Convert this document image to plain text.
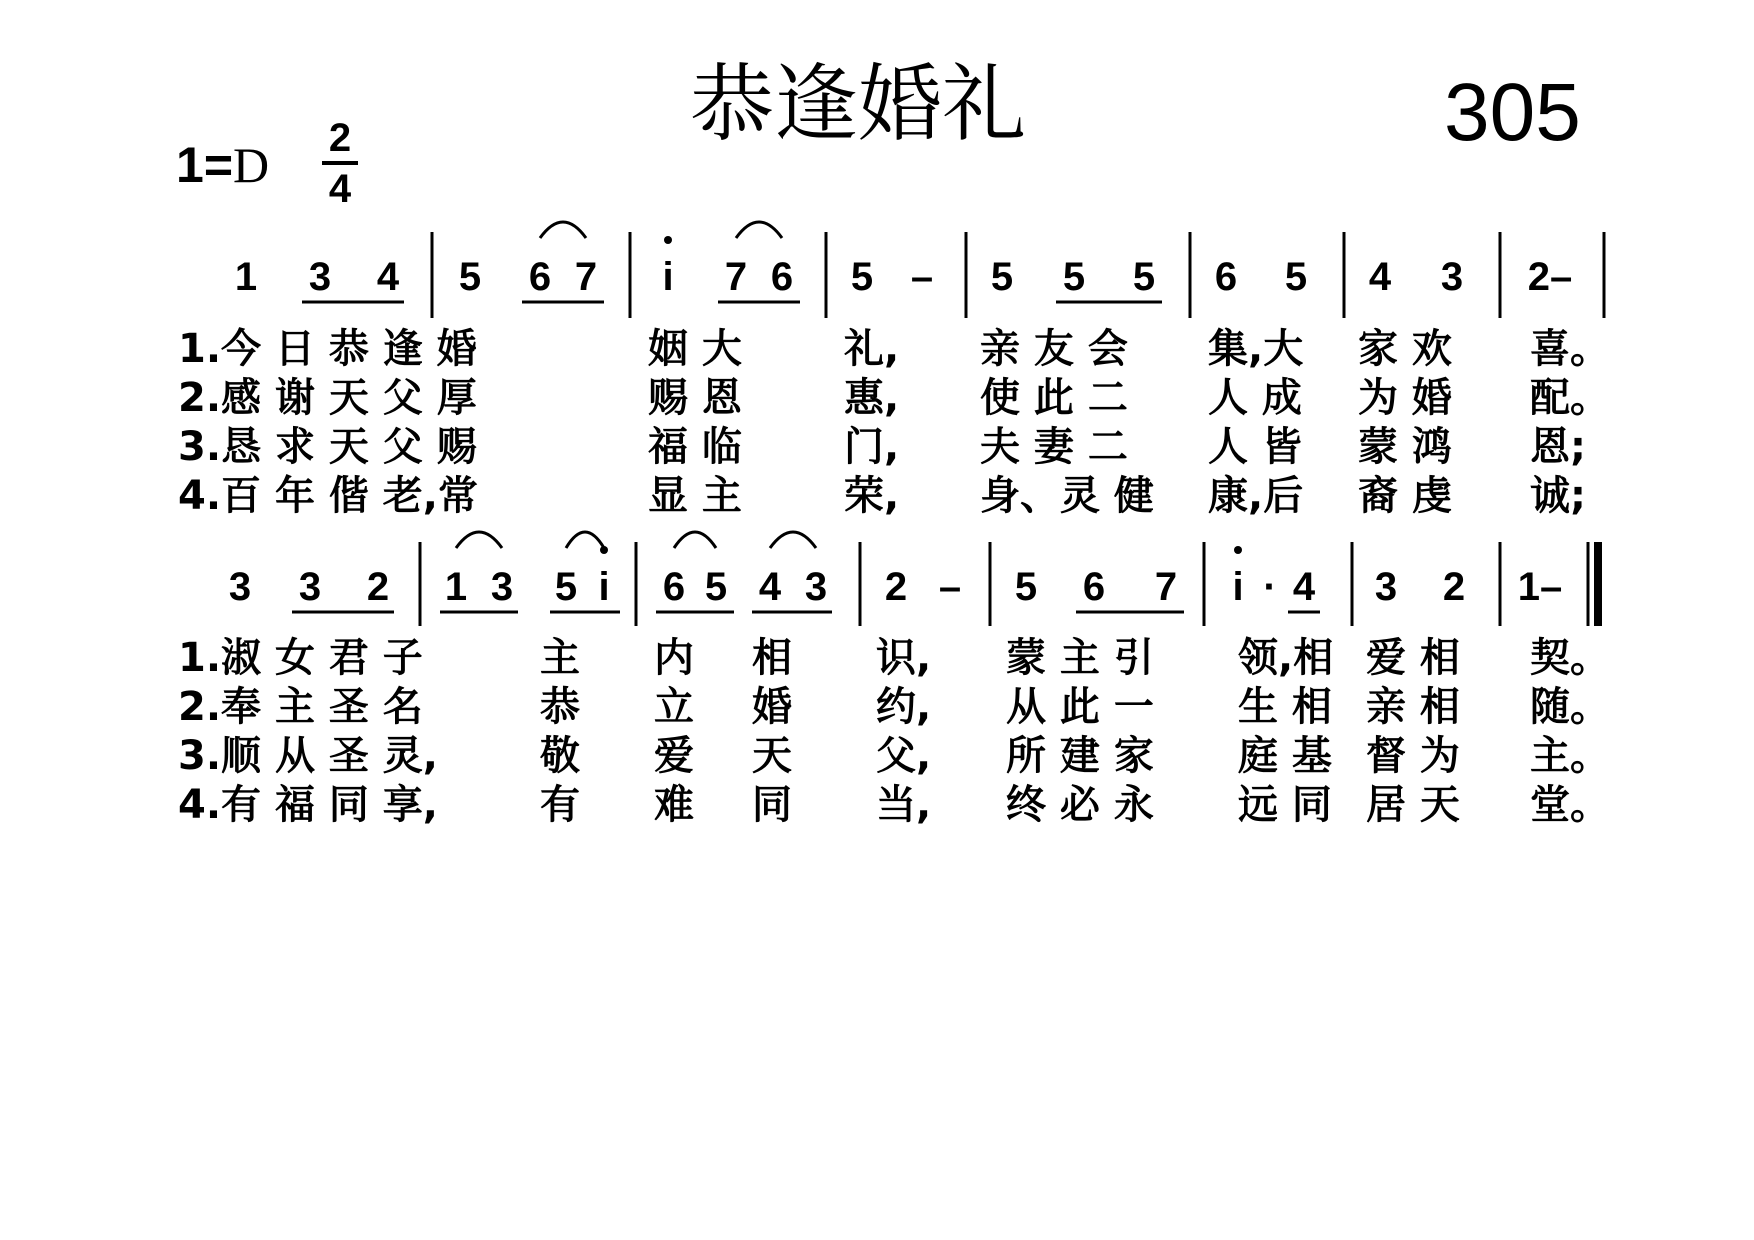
恭逢婚礼	305
1=D 2
4
1 3 4 5 6 7 i 7 6 5 – 5 5 5 6 5 4 3 2–
3 3 2 1 3 5 i 6 5 4 3 2 – 5 6 7 i · 4 3 2 1–

1.今 日 恭 逢 婚

	姻 大

	礼,

亲 友 会

集,大

家 欢

喜。

2.感 谢 天 父 厚

	赐 恩

	惠,

使 此 二

人 成

为 婚

配。

3.恳 求 天 父 赐

	福 临

	门,

夫 妻 二

人 皆

蒙 鸿

恩;

4.百 年 偕 老,常

	显 主

	荣,

身、灵 健

康,后

裔 虔

诚;

1.淑 女 君 子

	主

内

相

识,

蒙 主 引

领,相

爱 相

契。

2.奉 主 圣 名

	恭

立

婚

约,

从 此 一

生 相

亲 相

随。

3.顺 从 圣 灵,

	敬

爱

天

父,

所 建 家

庭 基

督 为

主。

4.有 福 同 享,

	有

难

同

当,

终 必 永

远 同

居 天

堂。
